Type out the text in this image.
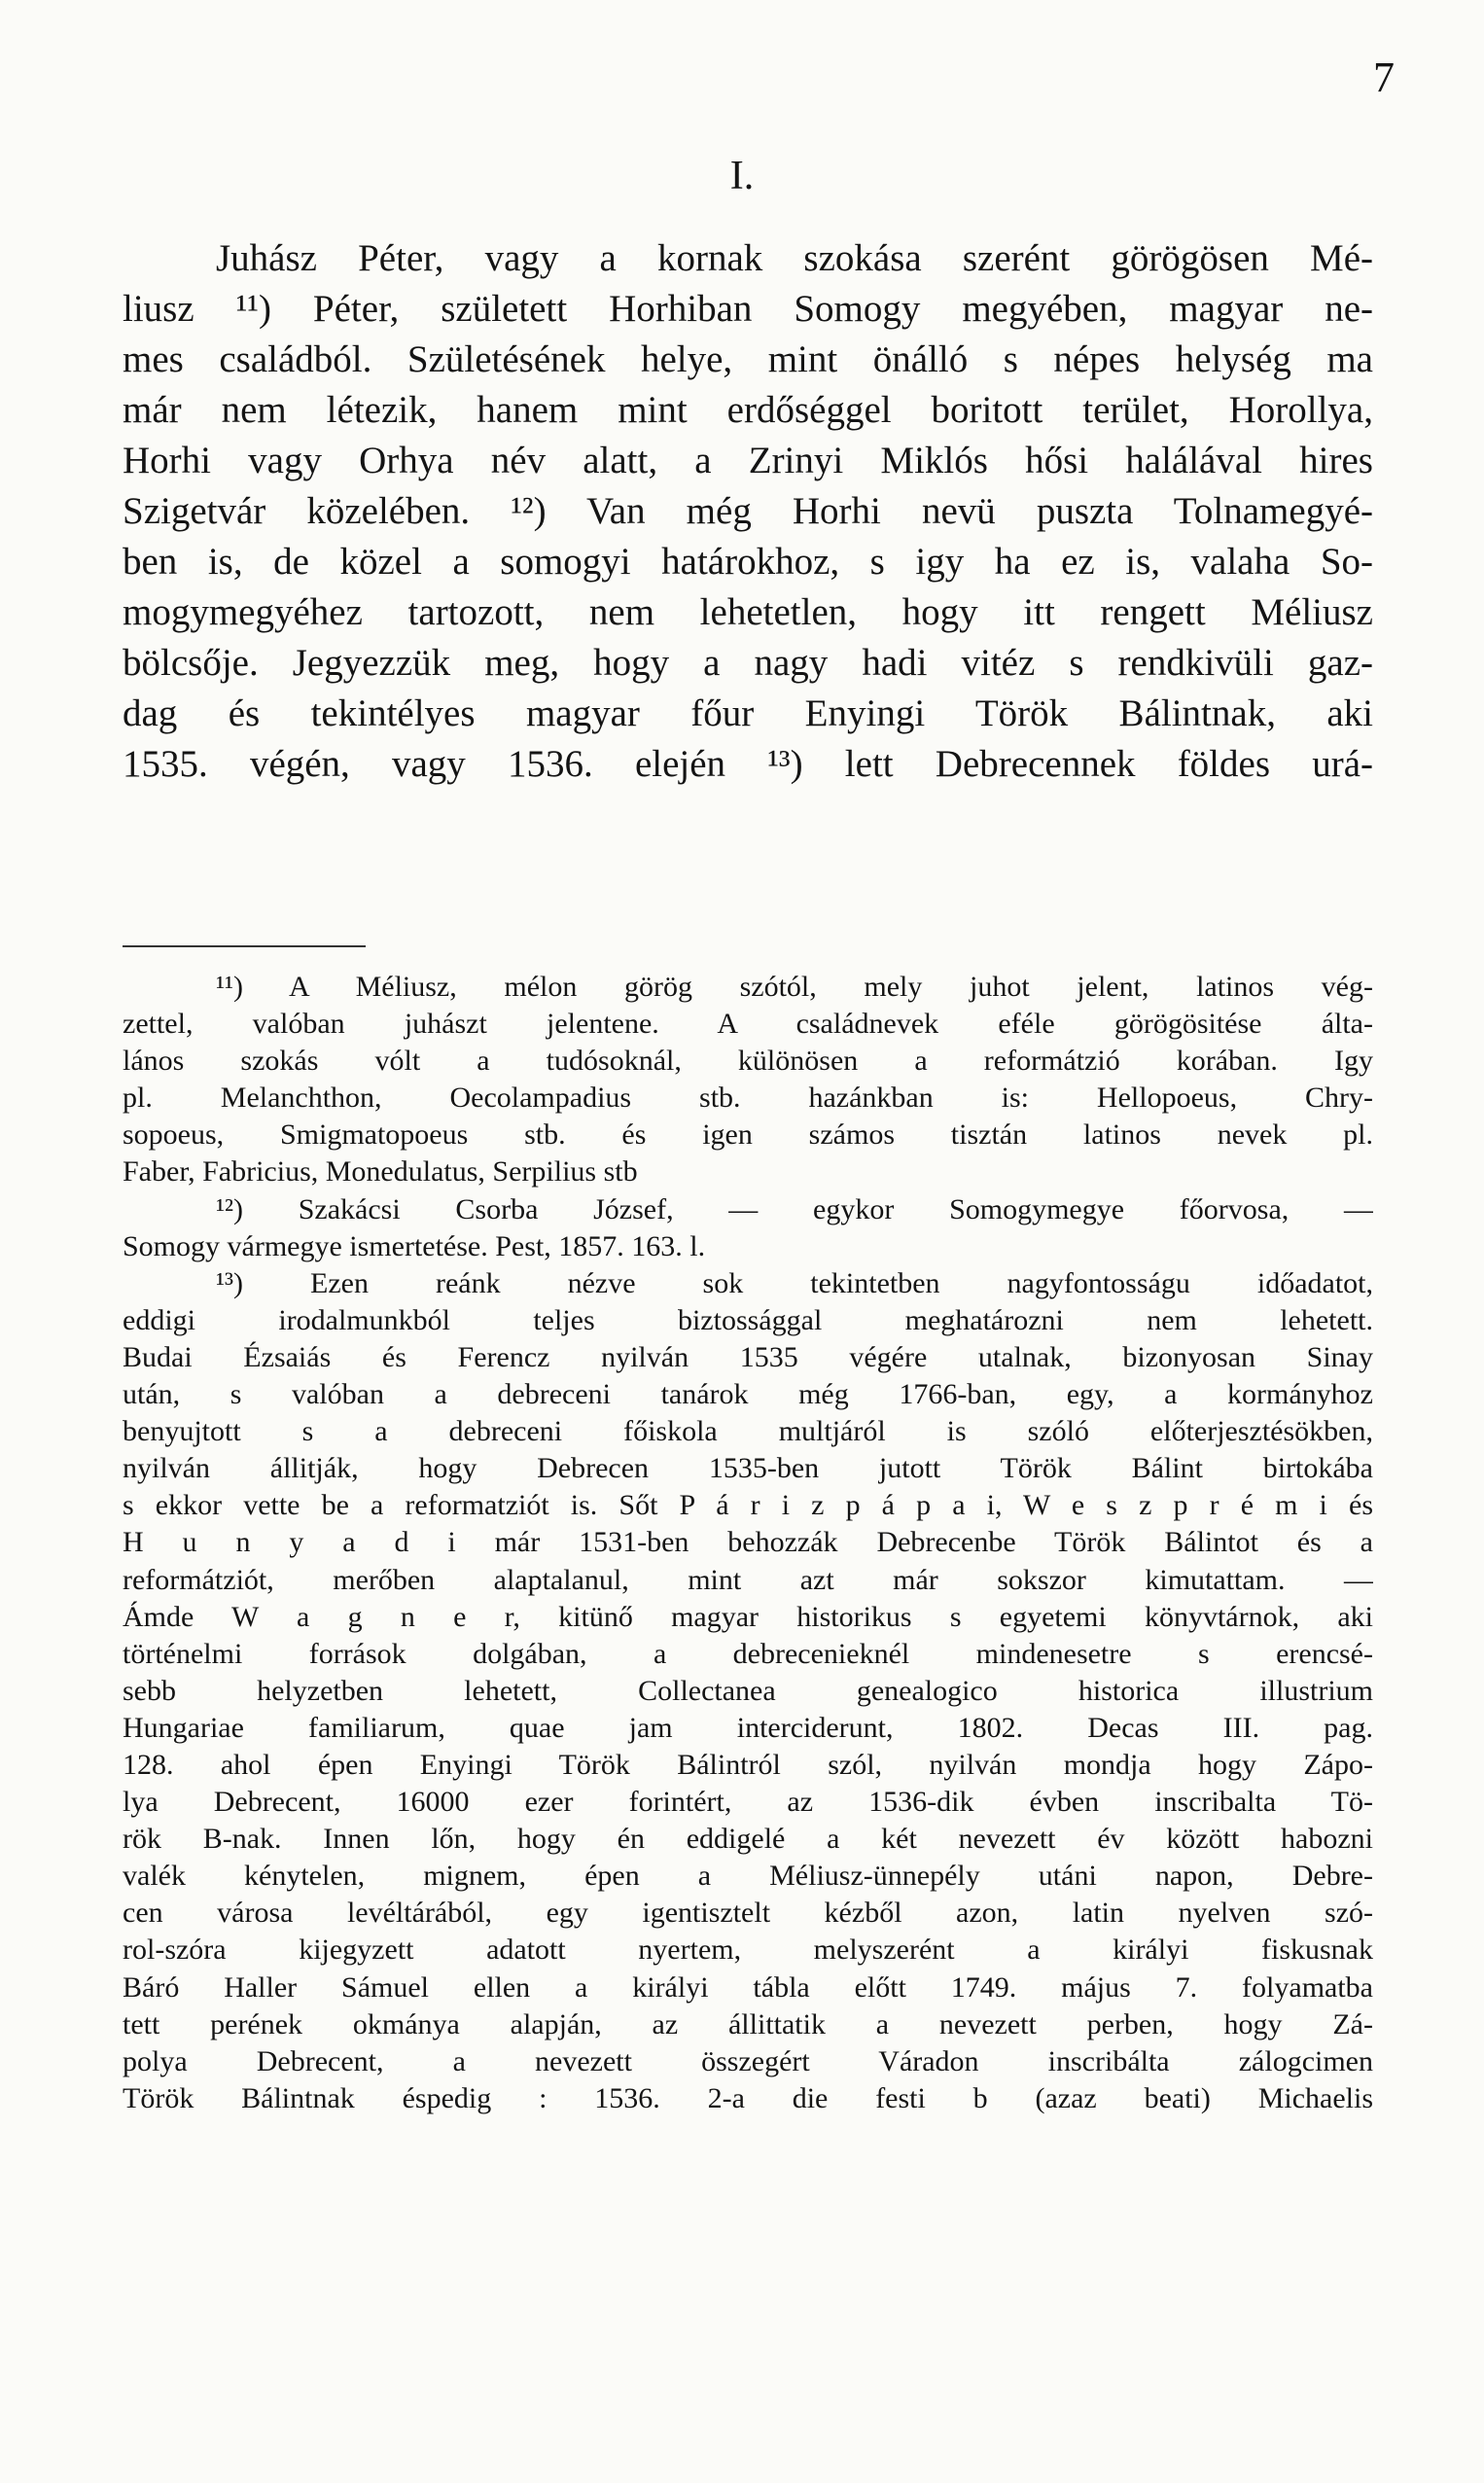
7
I.
Juhász Péter, vagy a kornak szokása szerént görögösen Mé-
liusz ¹¹) Péter, született Horhiban Somogy megyében, magyar ne-
mes családból. Születésének helye, mint önálló s népes helység ma
már nem létezik, hanem mint erdőséggel boritott terület, Horollya,
Horhi vagy Orhya név alatt, a Zrinyi Miklós hősi halálával hires
Szigetvár közelében. ¹²) Van még Horhi nevü puszta Tolnamegyé-
ben is, de közel a somogyi határokhoz, s igy ha ez is, valaha So-
mogymegyéhez tartozott, nem lehetetlen, hogy itt rengett Méliusz
bölcsője. Jegyezzük meg, hogy a nagy hadi vitéz s rendkivüli gaz-
dag és tekintélyes magyar főur Enyingi Török Bálintnak, aki
1535. végén, vagy 1536. elején ¹³) lett Debrecennek földes urá-
¹¹) A Méliusz, mélon görög szótól, mely juhot jelent, latinos vég-
zettel, valóban juhászt jelentene. A családnevek eféle görögösitése álta-
lános szokás vólt a tudósoknál, különösen a reformátzió korában. Igy
pl. Melanchthon, Oecolampadius stb. hazánkban is: Hellopoeus, Chry-
sopoeus, Smigmatopoeus stb. és igen számos tisztán latinos nevek pl.
Faber, Fabricius, Monedulatus, Serpilius stb
¹²) Szakácsi Csorba József, — egykor Somogymegye főorvosa, —
Somogy vármegye ismertetése. Pest, 1857. 163. l.
¹³) Ezen reánk nézve sok tekintetben nagyfontosságu időadatot,
eddigi irodalmunkból teljes biztossággal meghatározni nem lehetett.
Budai Ézsaiás és Ferencz nyilván 1535 végére utalnak, bizonyosan Sinay
után, s valóban a debreceni tanárok még 1766-ban, egy, a kormányhoz
benyujtott s a debreceni főiskola multjáról is szóló előterjesztésökben,
nyilván állitják, hogy Debrecen 1535-ben jutott Török Bálint birtokába
s ekkor vette be a reformatziót is. Sőt P á r i z p á p a i, W e s z p r é m i és
H u n y a d i már 1531-ben behozzák Debrecenbe Török Bálintot és a
reformátziót, merőben alaptalanul, mint azt már sokszor kimutattam. —
Ámde W a g n e r, kitünő magyar historikus s egyetemi könyvtárnok, aki
történelmi források dolgában, a debrecenieknél mindenesetre s erencsé-
sebb helyzetben lehetett, Collectanea genealogico historica illustrium
Hungariae familiarum, quae jam interciderunt, 1802. Decas III. pag.
128. ahol épen Enyingi Török Bálintról szól, nyilván mondja hogy Zápo-
lya Debrecent, 16000 ezer forintért, az 1536-dik évben inscribalta Tö-
rök B-nak. Innen lőn, hogy én eddigelé a két nevezett év között habozni
valék kénytelen, mignem, épen a Méliusz-ünnepély utáni napon, Debre-
cen városa levéltárából, egy igentisztelt kézből azon, latin nyelven szó-
rol-szóra kijegyzett adatott nyertem, melyszerént a királyi fiskusnak
Báró Haller Sámuel ellen a királyi tábla előtt 1749. május 7. folyamatba
tett perének okmánya alapján, az állittatik a nevezett perben, hogy Zá-
polya Debrecent, a nevezett összegért Váradon inscribálta zálogcimen
Török Bálintnak éspedig : 1536. 2-a die festi b (azaz beati) Michaelis
